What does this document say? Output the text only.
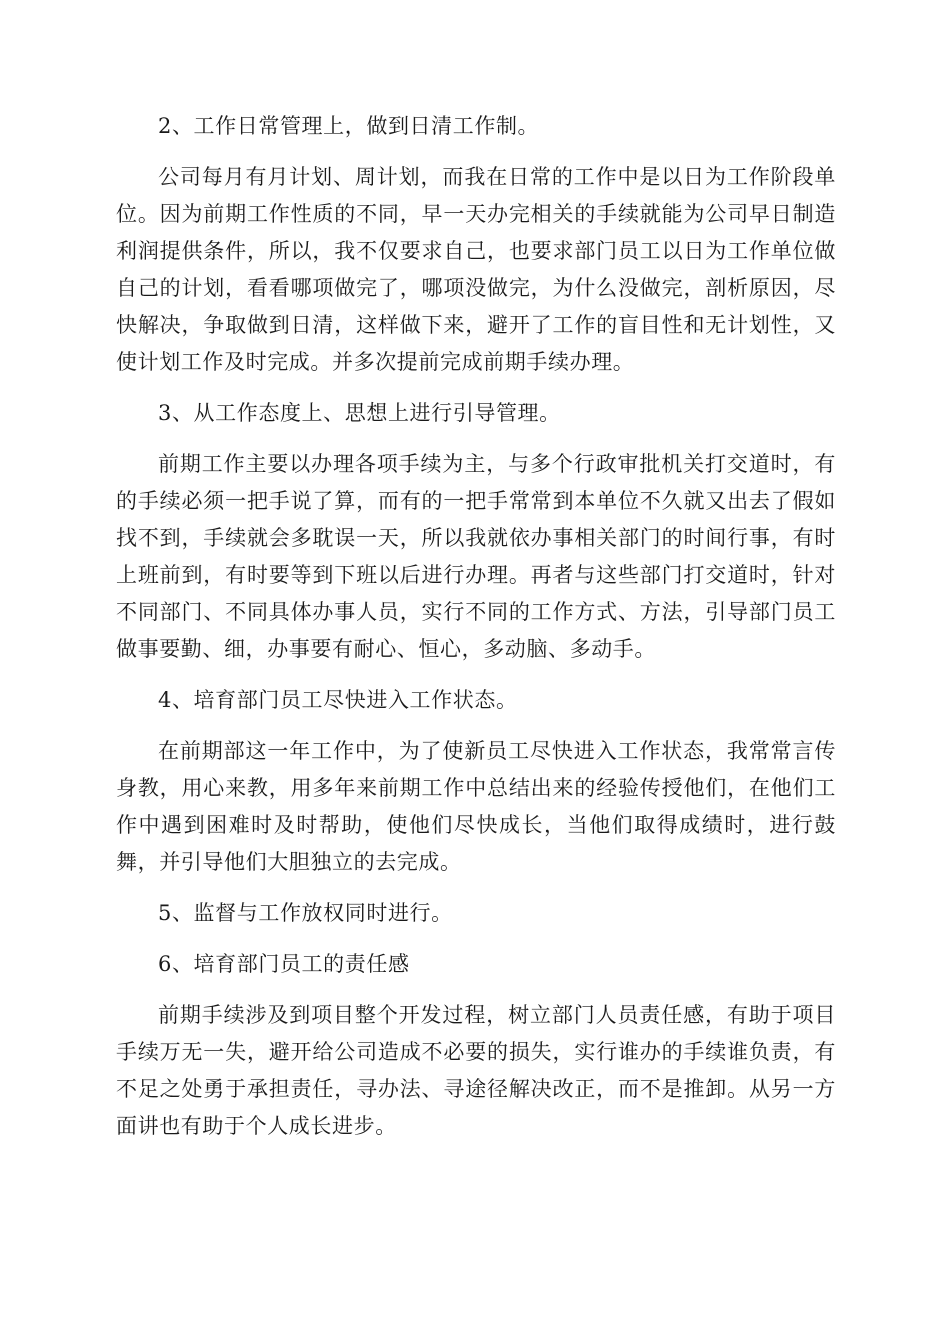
2、工作日常管理上，做到日清工作制。

公司每月有月计划、周计划，而我在日常的工作中是以日为工作阶段单位。因为前期工作性质的不同，早一天办完相关的手续就能为公司早日制造利润提供条件，所以，我不仅要求自己，也要求部门员工以日为工作单位做自己的计划，看看哪项做完了，哪项没做完，为什么没做完，剖析原因，尽快解决，争取做到日清，这样做下来，避开了工作的盲目性和无计划性，又使计划工作及时完成。并多次提前完成前期手续办理。

3、从工作态度上、思想上进行引导管理。

前期工作主要以办理各项手续为主，与多个行政审批机关打交道时，有的手续必须一把手说了算，而有的一把手常常到本单位不久就又出去了假如找不到，手续就会多耽误一天，所以我就依办事相关部门的时间行事，有时上班前到，有时要等到下班以后进行办理。再者与这些部门打交道时，针对不同部门、不同具体办事人员，实行不同的工作方式、方法，引导部门员工做事要勤、细，办事要有耐心、恒心，多动脑、多动手。

4、培育部门员工尽快进入工作状态。

在前期部这一年工作中，为了使新员工尽快进入工作状态，我常常言传身教，用心来教，用多年来前期工作中总结出来的经验传授他们，在他们工作中遇到困难时及时帮助，使他们尽快成长，当他们取得成绩时，进行鼓舞，并引导他们大胆独立的去完成。

5、监督与工作放权同时进行。

6、培育部门员工的责任感

前期手续涉及到项目整个开发过程，树立部门人员责任感，有助于项目手续万无一失，避开给公司造成不必要的损失，实行谁办的手续谁负责，有不足之处勇于承担责任，寻办法、寻途径解决改正，而不是推卸。从另一方面讲也有助于个人成长进步。
